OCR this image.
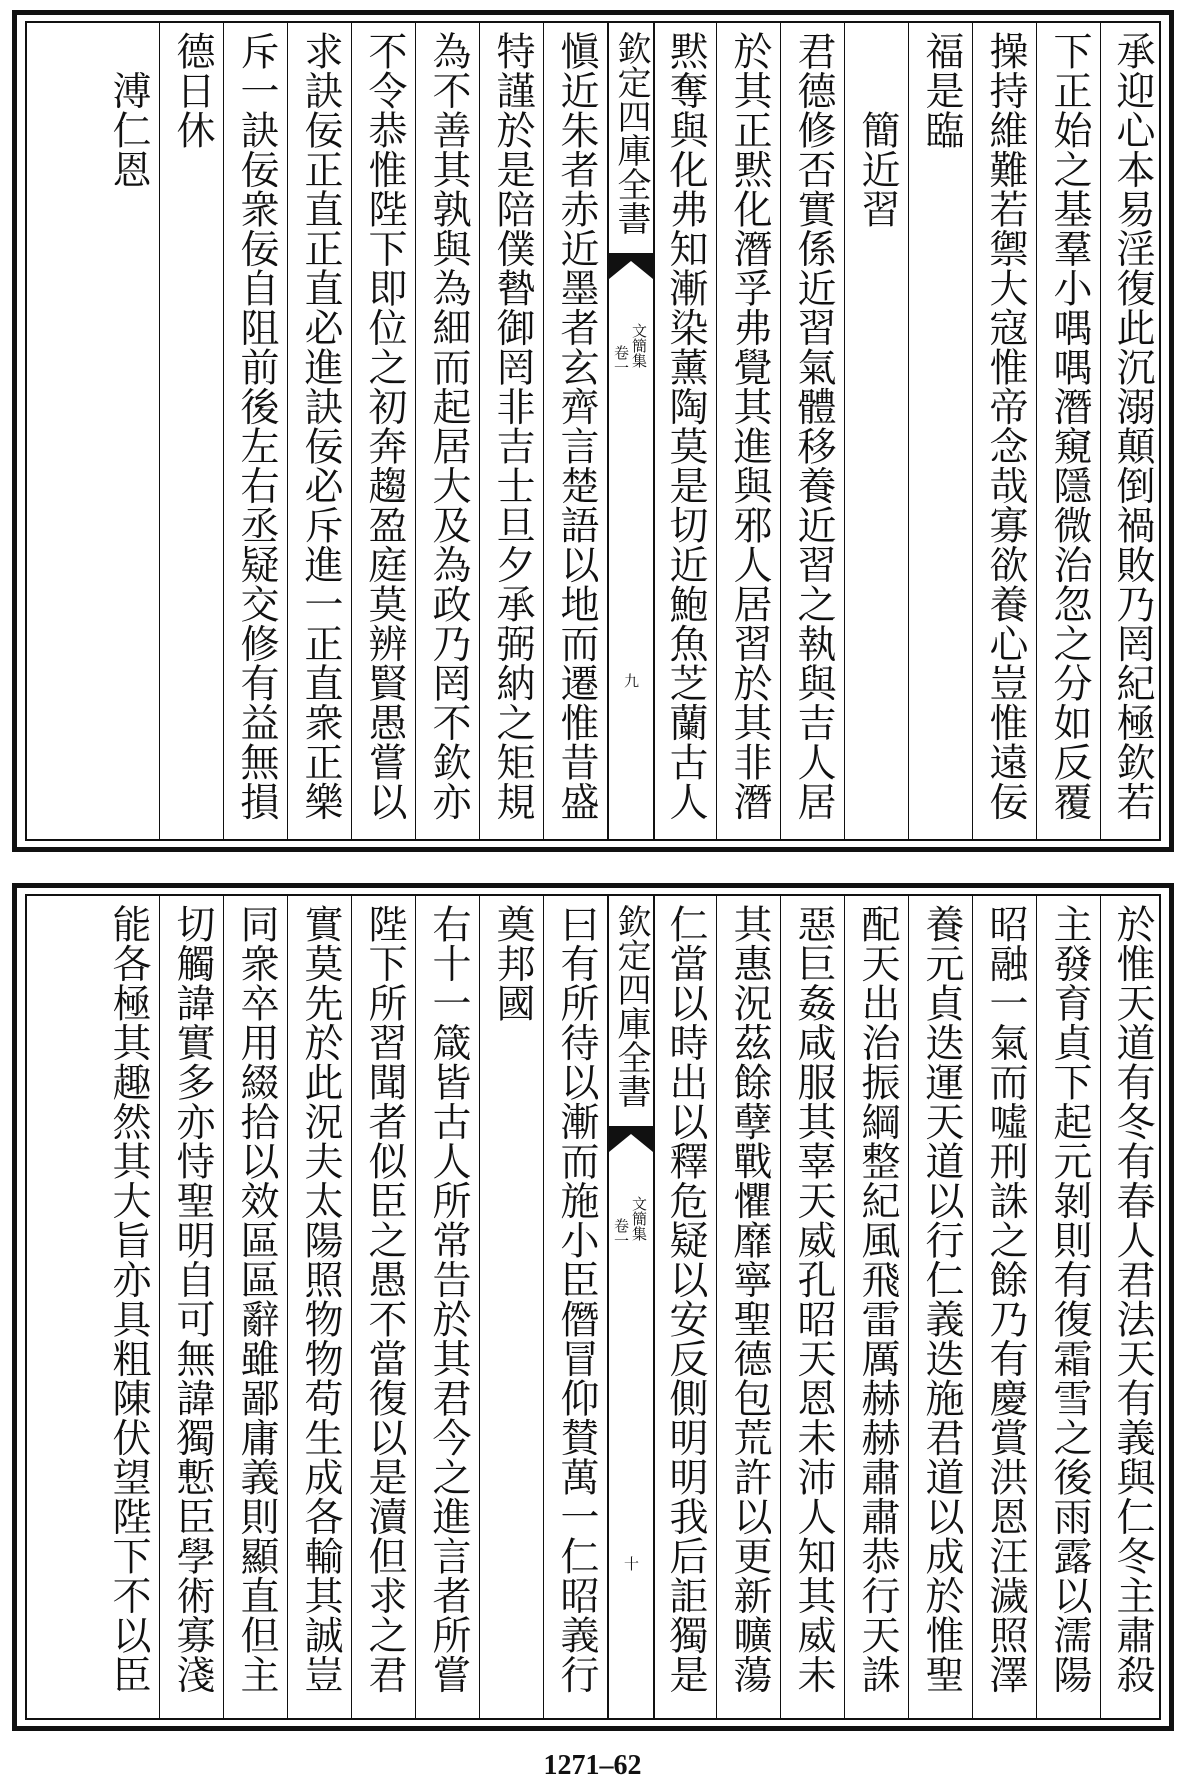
承迎心本易淫復此沉溺顛倒禍敗乃罔紀極欽若
下正始之基羣小喁喁潛窺隱微治忽之分如反覆
操持維難若禦大寇惟帝念哉寡欲養心豈惟遠佞
福是臨
　　簡近習
君德修否實係近習氣體移養近習之執與吉人居
於其正黙化潛孚弗覺其進與邪人居習於其非潛
黙奪與化弗知漸染薰陶莫是切近鮑魚芝蘭古人
欽定四庫全書
文簡集
卷一
九
愼近朱者赤近墨者玄齊言楚語以地而遷惟昔盛
特謹於是陪僕暬御罔非吉士旦夕承弼納之矩規
為不善其孰與為細而起居大及為政乃罔不欽亦
不令恭惟陛下即位之初奔趨盈庭莫辨賢愚嘗以
求訣佞正直正直必進訣佞必斥進一正直衆正樂
斥一訣佞衆佞自阻前後左右丞疑交修有益無損
德日休
　溥仁恩
於惟天道有冬有春人君法天有義與仁冬主肅殺
主發育貞下起元剝則有復霜雪之後雨露以濡陽
昭融一氣而噓刑誅之餘乃有慶賞洪恩汪濊照澤
養元貞迭運天道以行仁義迭施君道以成於惟聖
配天出治振綱整紀風飛雷厲赫赫肅肅恭行天誅
惡巨姦咸服其辜天威孔昭天恩未沛人知其威未
其惠況茲餘孽戰懼靡寧聖德包荒許以更新曠蕩
仁當以時出以釋危疑以安反側明明我后詎獨是
欽定四庫全書
文簡集
卷一
十
曰有所待以漸而施小臣僭冒仰賛萬一仁昭義行
奠邦國
右十一箴皆古人所常告於其君今之進言者所嘗
陛下所習聞者似臣之愚不當復以是瀆但求之君
實莫先於此況夫太陽照物物苟生成各輸其誠豈
同衆卒用綴拾以效區區辭雖鄙庸義則顯直但主
切觸諱實多亦恃聖明自可無諱獨慙臣學術寡淺
能各極其趣然其大旨亦具粗陳伏望陛下不以臣
1271–62
